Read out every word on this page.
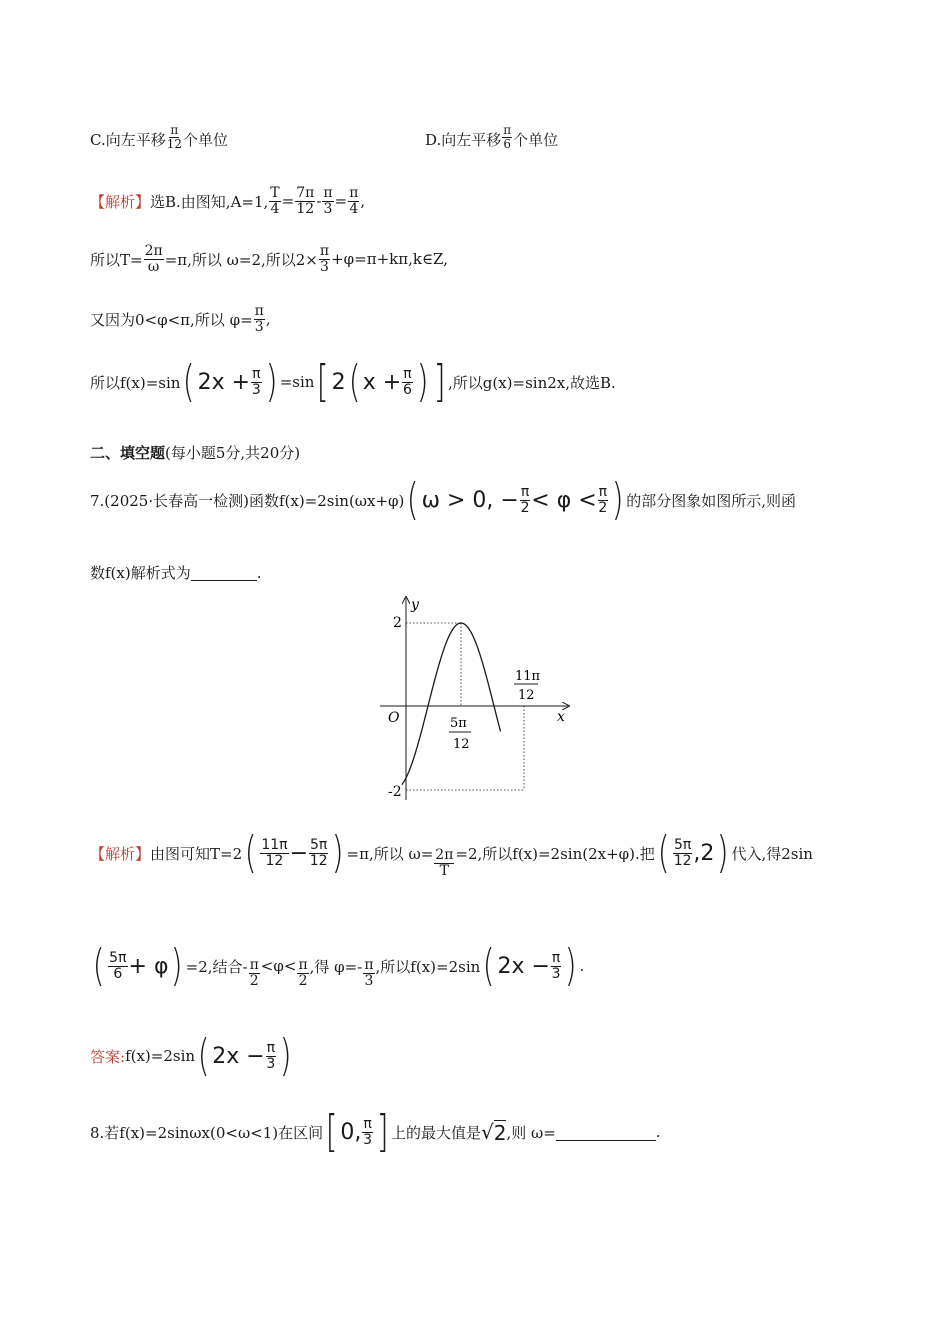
C.向左平移 $\frac{\pi}{12}$ 个单位	D.向左平移 $\frac{\pi}{6}$ 个单位
【解析】 选B.由图知,A=1, $\frac{T}{4} = \frac{7\pi}{12} - \frac{\pi}{3} = \frac{\pi}{4}$ ,
所以$T= \frac{2\pi}{\omega} =\pi$,所以 ω=2,所以$2\times \frac{\pi}{3}$ +φ=π+kπ,k∈Z,
又因为0<φ<π,所以 $\varphi= \frac{\pi}{3}$ ,
所以f(x)=sin ( $2x + \frac{\pi}{3}$ ) =sin [ 2 ( $x + \frac{\pi}{6}$ ) ] ,所以g(x)=sin2x,故选B.
二、填空题 (每小题5分,共20分)
7.(2025·长春高一检测)函数f(x)=2sin(ωx+φ) ( ω > 0, − $\frac{\pi}{2} < \varphi < \frac{\pi}{2}$ ) 的部分图象如图所示,则函
数f(x)解析式为	.
y
x
O
2
-2
5π
12
11π
12
【解析】 由图可知T=2 ( $\frac{11\pi}{12} - \frac{5\pi}{12}$ ) =π,所以 $\omega= \frac{2\pi}{T} =2$,所以f(x)=2sin(2x+φ).把 ( $\frac{5\pi}{12} ,2$ ) 代入,得2sin
( $\frac{5\pi}{6} + \varphi$ ) =2,结合- $\frac{\pi}{2} <\varphi< \frac{\pi}{2}$ ,得 $\varphi=- \frac{\pi}{3}$ ,所以f(x)=2sin ( $2x - \frac{\pi}{3}$ ) .
答案: f(x)=2sin ( $2x - \frac{\pi}{3}$ )
8.若f(x)=2sinωx(0<ω<1)在区间 [ 0, $\frac{\pi}{3}$ ] 上的最大值是 √ 2 ,则 ω=	.
